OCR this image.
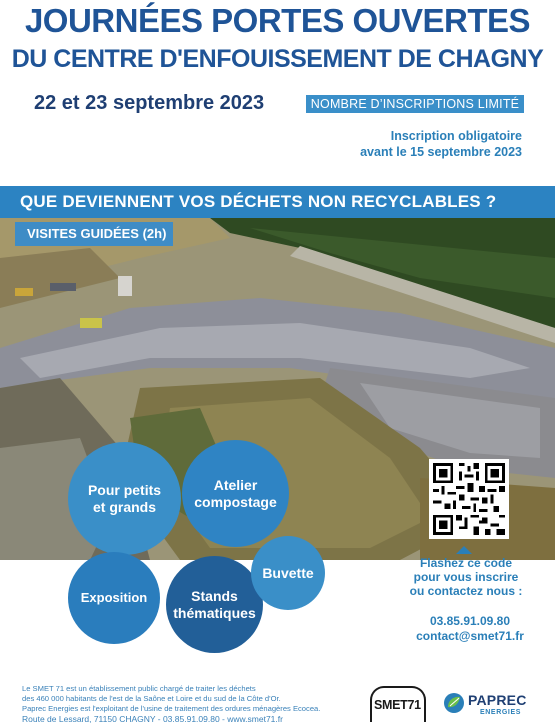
JOURNÉES PORTES OUVERTES
DU CENTRE D'ENFOUISSEMENT DE CHAGNY
22 et 23 septembre 2023	NOMBRE D’INSCRIPTIONS LIMITÉ
Inscription obligatoire
avant le 15 septembre 2023
QUE DEVIENNENT VOS DÉCHETS NON RECYCLABLES ?
VISITES GUIDÉES (2h)
Pour petits
et grands
Atelier
compostage
Exposition	Stands
thématiques
Buvette
Flashez ce code
pour vous inscrire
ou contactez nous :
03.85.91.09.80
contact@smet71.fr
Le SMET 71 est un établissement public chargé de traiter les déchets
des 460 000 habitants de l'est de la Saône et Loire et du sud de la Côte d'Or.
Paprec Energies est l'exploitant de l'usine de traitement des ordures ménagères Ecocea.
Route de Lessard, 71150 CHAGNY - 03.85.91.09.80 - www.smet71.fr
SMET71	PAPREC
ENERGIES
